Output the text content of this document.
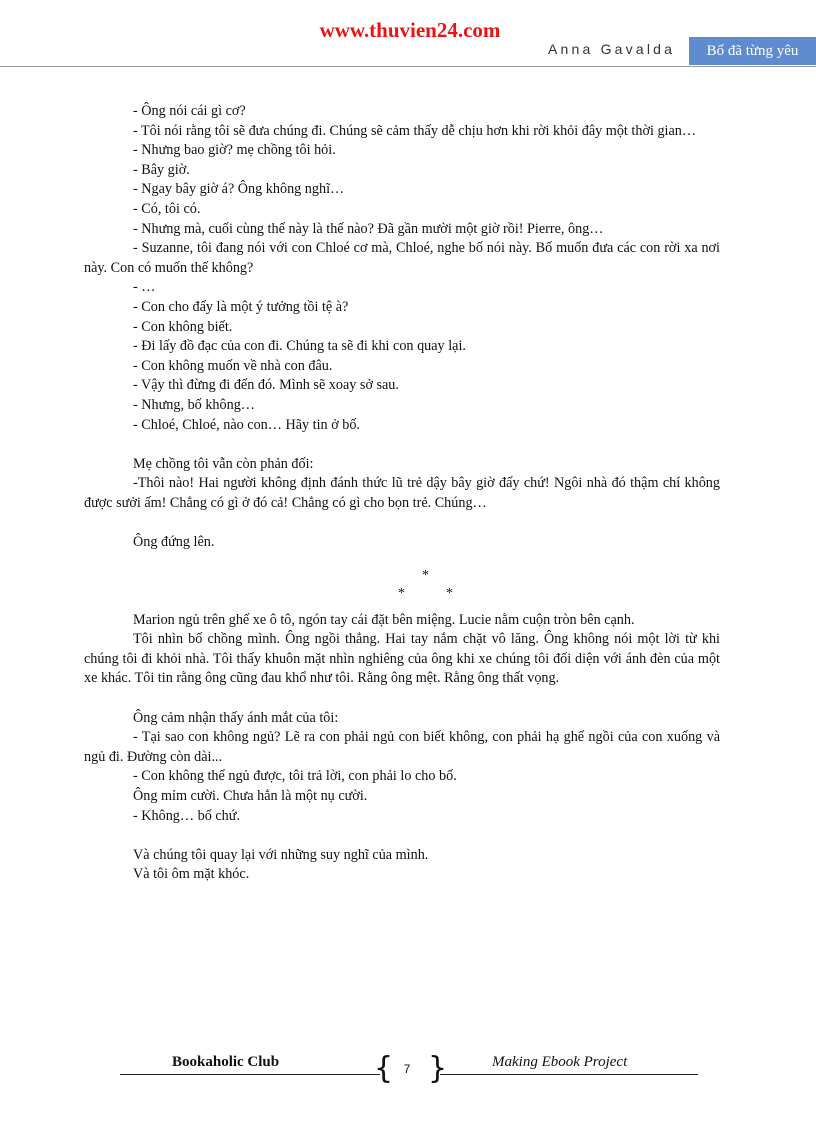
www.thuvien24.com
Anna Gavalda	Bố đã từng yêu

- Ông nói cái gì cơ?

- Tôi nói rằng tôi sẽ đưa chúng đi. Chúng sẽ cảm thấy dễ chịu hơn khi rời khỏi đây một thời gian…

- Nhưng bao giờ? mẹ chồng tôi hỏi.

- Bây giờ.

- Ngay bây giờ á? Ông không nghĩ…

- Có, tôi có.

- Nhưng mà, cuối cùng thế này là thế nào? Đã gần mười một giờ rồi! Pierre, ông…

- Suzanne, tôi đang nói với con Chloé cơ mà, Chloé, nghe bố nói này. Bố muốn đưa các con rời xa nơi này. Con có muốn thế không?

- …

- Con cho đấy là một ý tưởng tồi tệ à?

- Con không biết.

- Đi lấy đồ đạc của con đi. Chúng ta sẽ đi khi con quay lại.

- Con không muốn về nhà con đâu.

- Vậy thì đừng đi đến đó. Mình sẽ xoay sở sau.

- Nhưng, bố không…

- Chloé, Chloé, nào con… Hãy tin ở bố.

Mẹ chồng tôi vẫn còn phản đối:

-Thôi nào! Hai người không định đánh thức lũ trẻ dậy bây giờ đấy chứ! Ngôi nhà đó thậm chí không được sưởi ấm! Chẳng có gì ở đó cả! Chẳng có gì cho bọn trẻ. Chúng…

Ông đứng lên.

*
*	*

Marion ngủ trên ghế xe ô tô, ngón tay cái đặt bên miệng. Lucie nằm cuộn tròn bên cạnh.

Tôi nhìn bố chồng mình. Ông ngồi thẳng. Hai tay nắm chặt vô lăng. Ông không nói một lời từ khi chúng tôi đi khỏi nhà. Tôi thấy khuôn mặt nhìn nghiêng của ông khi xe chúng tôi đối diện với ánh đèn của một xe khác. Tôi tin rằng ông cũng đau khổ như tôi. Rằng ông mệt. Rằng ông thất vọng.

Ông cảm nhận thấy ánh mắt của tôi:

- Tại sao con không ngủ? Lẽ ra con phải ngủ con biết không, con phải hạ ghế ngồi của con xuống và ngủ đi. Đường còn dài...

- Con không thể ngủ được, tôi trả lời, con phải lo cho bố.

Ông mỉm cười. Chưa hẳn là một nụ cười.

- Không… bố chứ.

Và chúng tôi quay lại với những suy nghĩ của mình.

Và tôi ôm mặt khóc.

Bookaholic Club	{ 7 }	Making Ebook Project
